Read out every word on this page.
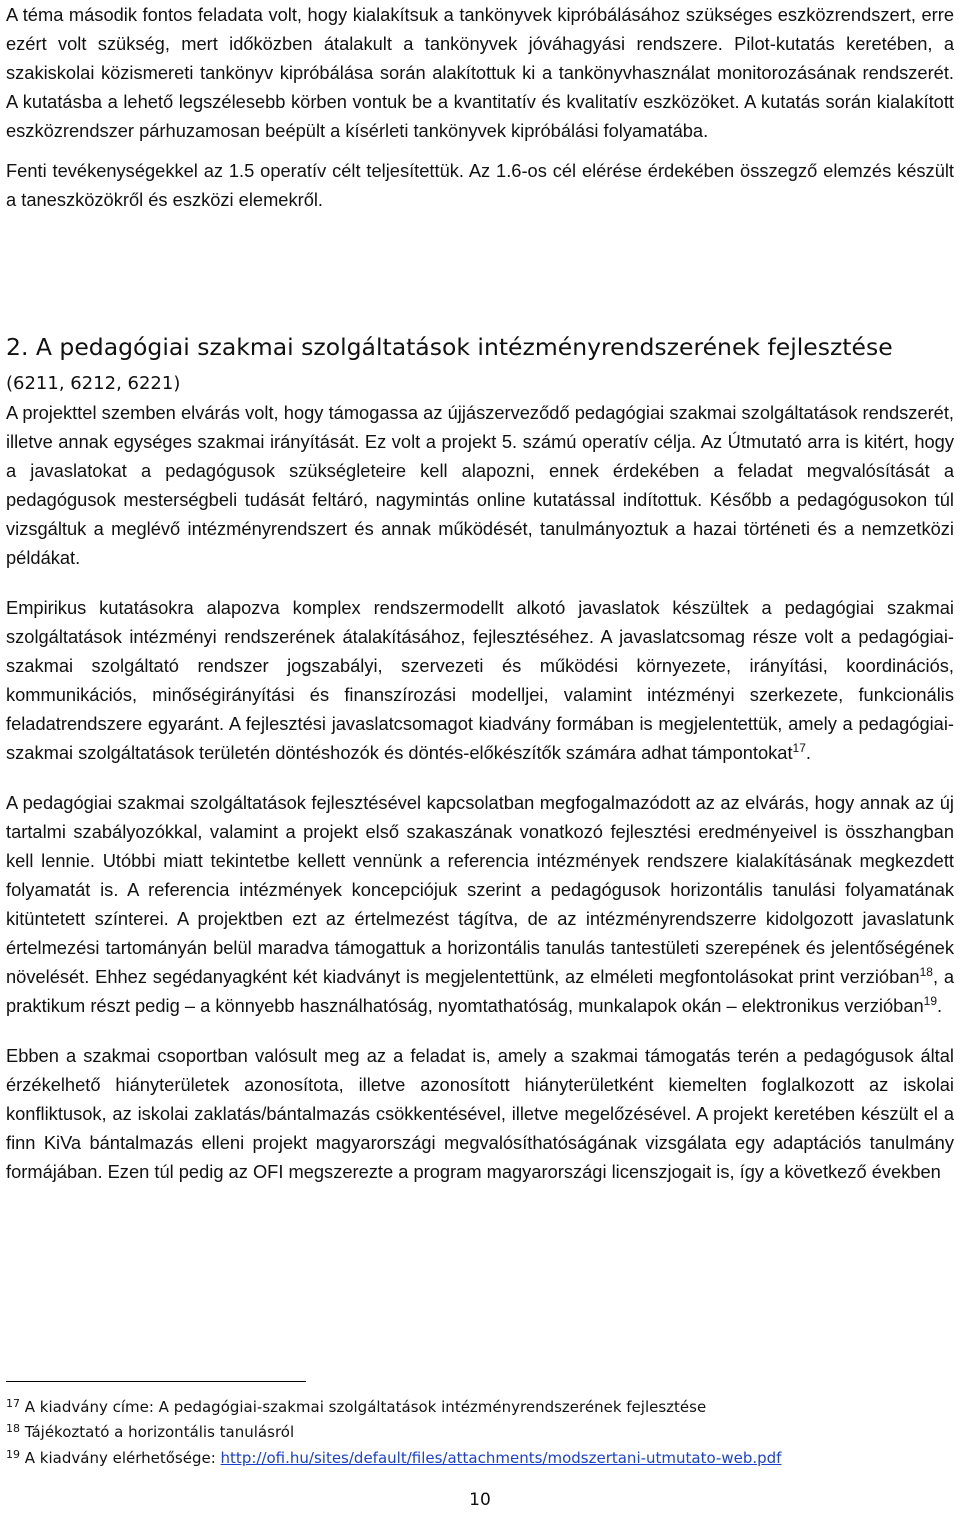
A téma második fontos feladata volt, hogy kialakítsuk a tankönyvek kipróbálásához szükséges eszközrendszert, erre ezért volt szükség, mert időközben átalakult a tankönyvek jóváhagyási rendszere. Pilot-kutatás keretében, a szakiskolai közismereti tankönyv kipróbálása során alakítottuk ki a tankönyvhasználat monitorozásának rendszerét. A kutatásba a lehető legszélesebb körben vontuk be a kvantitatív és kvalitatív eszközöket. A kutatás során kialakított eszközrendszer párhuzamosan beépült a kísérleti tankönyvek kipróbálási folyamatába.

Fenti tevékenységekkel az 1.5 operatív célt teljesítettük. Az 1.6-os cél elérése érdekében összegző elemzés készült a taneszközökről és eszközi elemekről.

2. A pedagógiai szakmai szolgáltatások intézményrendszerének fejlesztése

(6211, 6212, 6221)

A projekttel szemben elvárás volt, hogy támogassa az újjászerveződő pedagógiai szakmai szolgáltatások rendszerét, illetve annak egységes szakmai irányítását. Ez volt a projekt 5. számú operatív célja. Az Útmutató arra is kitért, hogy a javaslatokat a pedagógusok szükségleteire kell alapozni, ennek érdekében a feladat megvalósítását a pedagógusok mesterségbeli tudását feltáró, nagymintás online kutatással indítottuk. Később a pedagógusokon túl vizsgáltuk a meglévő intézményrendszert és annak működését, tanulmányoztuk a hazai történeti és a nemzetközi példákat.

Empirikus kutatásokra alapozva komplex rendszermodellt alkotó javaslatok készültek a pedagógiai szakmai szolgáltatások intézményi rendszerének átalakításához, fejlesztéséhez. A javaslatcsomag része volt a pedagógiai-szakmai szolgáltató rendszer jogszabályi, szervezeti és működési környezete, irányítási, koordinációs, kommunikációs, minőségirányítási és finanszírozási modelljei, valamint intézményi szerkezete, funkcionális feladatrendszere egyaránt. A fejlesztési javaslatcsomagot kiadvány formában is megjelentettük, amely a pedagógiai-szakmai szolgáltatások területén döntéshozók és döntés-előkészítők számára adhat támpontokat$^{17}$.

A pedagógiai szakmai szolgáltatások fejlesztésével kapcsolatban megfogalmazódott az az elvárás, hogy annak az új tartalmi szabályozókkal, valamint a projekt első szakaszának vonatkozó fejlesztési eredményeivel is összhangban kell lennie. Utóbbi miatt tekintetbe kellett vennünk a referencia intézmények rendszere kialakításának megkezdett folyamatát is. A referencia intézmények koncepciójuk szerint a pedagógusok horizontális tanulási folyamatának kitüntetett színterei. A projektben ezt az értelmezést tágítva, de az intézményrendszerre kidolgozott javaslatunk értelmezési tartományán belül maradva támogattuk a horizontális tanulás tantestületi szerepének és jelentőségének növelését. Ehhez segédanyagként két kiadványt is megjelentettünk, az elméleti megfontolásokat print verzióban$^{18}$, a praktikum részt pedig – a könnyebb használhatóság, nyomtathatóság, munkalapok okán – elektronikus verzióban$^{19}$.

Ebben a szakmai csoportban valósult meg az a feladat is, amely a szakmai támogatás terén a pedagógusok által érzékelhető hiányterületek azonosítota, illetve azonosított hiányterületként kiemelten foglalkozott az iskolai konfliktusok, az iskolai zaklatás/bántalmazás csökkentésével, illetve megelőzésével. A projekt keretében készült el a finn KiVa bántalmazás elleni projekt magyarországi megvalósíthatóságának vizsgálata egy adaptációs tanulmány formájában. Ezen túl pedig az OFI megszerezte a program magyarországi licenszjogait is, így a következő években

$^{17}$ A kiadvány címe: A pedagógiai-szakmai szolgáltatások intézményrendszerének fejlesztése
$^{18}$ Tájékoztató a horizontális tanulásról
$^{19}$ A kiadvány elérhetősége: http://ofi.hu/sites/default/files/attachments/modszertani-utmutato-web.pdf
10
